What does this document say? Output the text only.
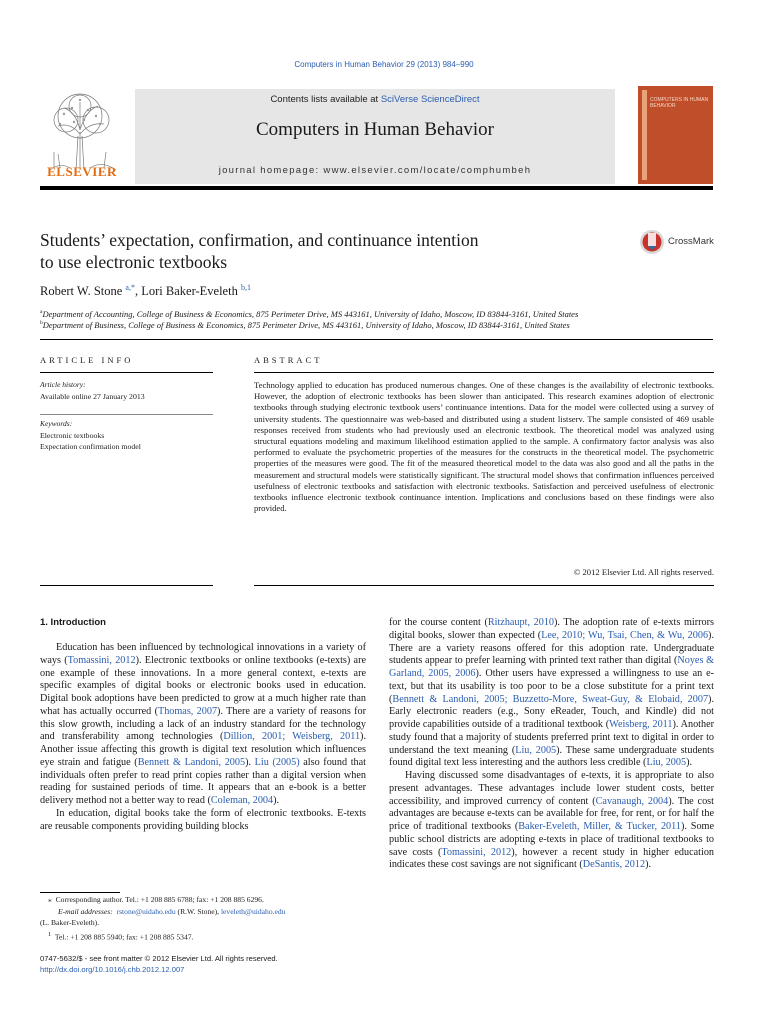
Computers in Human Behavior 29 (2013) 984–990
ELSEVIER
Contents lists available at SciVerse ScienceDirect
Computers in Human Behavior
journal homepage: www.elsevier.com/locate/comphumbeh
COMPUTERS IN HUMAN BEHAVIOR
Students’ expectation, confirmation, and continuance intention
to use electronic textbooks
CrossMark
Robert W. Stone $^{a,*}$, Lori Baker-Eveleth $^{b,1}$
$^a$Department of Accounting, College of Business & Economics, 875 Perimeter Drive, MS 443161, University of Idaho, Moscow, ID 83844-3161, United States
$^b$Department of Business, College of Business & Economics, 875 Perimeter Drive, MS 443161, University of Idaho, Moscow, ID 83844-3161, United States
ARTICLE INFO
Article history:
Available online 27 January 2013
Keywords:
Electronic textbooks
Expectation confirmation model
ABSTRACT
Technology applied to education has produced numerous changes. One of these changes is the availability of electronic textbooks. However, the adoption of electronic textbooks has been slower than anticipated. This research examines adoption of electronic textbooks through studying electronic textbook users’ continuance intentions. Data for the model were collected using a survey of university students. The questionnaire was web-based and distributed using a student listserv. The sample consisted of 469 usable responses received from students who had previously used an electronic textbook. The theoretical model was analyzed using structural equations modeling and maximum likelihood estimation applied to the sample. A confirmatory factor analysis was also performed to evaluate the psychometric properties of the measures for the constructs in the theoretical model. The psychometric properties of the measures were good. The fit of the measured theoretical model to the data was also good and all the paths in the measurement and structural models were statistically significant. The structural model shows that confirmation influences perceived usefulness of electronic textbooks and satisfaction with electronic textbooks. Satisfaction and perceived usefulness of electronic textbooks influence electronic textbook continuance intention. Implications and conclusions based on these findings were also provided.
© 2012 Elsevier Ltd. All rights reserved.
1. Introduction

Education has been influenced by technological innovations in a variety of ways (Tomassini, 2012). Electronic textbooks or online textbooks (e-texts) are one example of these innovations. In a more general context, e-texts are specific examples of digital books or electronic books used in education. Digital book adoptions have been predicted to grow at a much higher rate than what has actually occurred (Thomas, 2007). There are a variety of reasons for this slow growth, including a lack of an industry standard for the technology and transferability among technologies (Dillion, 2001; Weisberg, 2011). Another issue affecting this growth is digital text resolution which influences eye strain and fatigue (Bennett & Landoni, 2005). Liu (2005) also found that individuals often prefer to read print copies rather than a digital version when reading for sustained periods of time. It appears that an e-book is a better delivery method not a better way to read (Coleman, 2004).

In education, digital books take the form of electronic textbooks. E-texts are reusable components providing building blocks

for the course content (Ritzhaupt, 2010). The adoption rate of e-texts mirrors digital books, slower than expected (Lee, 2010; Wu, Tsai, Chen, & Wu, 2006). There are a variety reasons offered for this adoption rate. Undergraduate students appear to prefer learning with printed text rather than digital (Noyes & Garland, 2005, 2006). Other users have expressed a willingness to use an e-text, but that its usability is too poor to be a close substitute for a print text (Bennett & Landoni, 2005; Buzzetto-More, Sweat-Guy, & Elobaid, 2007). Early electronic readers (e.g., Sony eReader, Touch, and Kindle) did not provide capabilities outside of a traditional textbook (Weisberg, 2011). Another study found that a majority of students preferred print text to digital in order to understand the text meaning (Liu, 2005). These same undergraduate students found digital text less interesting and the authors less credible (Liu, 2005).

Having discussed some disadvantages of e-texts, it is appropriate to also present advantages. These advantages include lower student costs, better accessibility, and improved currency of content (Cavanaugh, 2004). The cost advantages are because e-texts can be available for free, for rent, or for half the price of traditional textbooks (Baker-Eveleth, Miller, & Tucker, 2011). Some public school districts are adopting e-texts in place of traditional textbooks to save costs (Tomassini, 2012), however a recent study in higher education indicates these cost savings are not significant (DeSantis, 2012).

⁎ Corresponding author. Tel.: +1 208 885 6788; fax: +1 208 885 6296.
E-mail addresses: rstone@uidaho.edu (R.W. Stone), leveleth@uidaho.edu
(L. Baker-Eveleth).
$^1$ Tel.: +1 208 885 5940; fax: +1 208 885 5347.
0747-5632/$ - see front matter © 2012 Elsevier Ltd. All rights reserved.
http://dx.doi.org/10.1016/j.chb.2012.12.007
